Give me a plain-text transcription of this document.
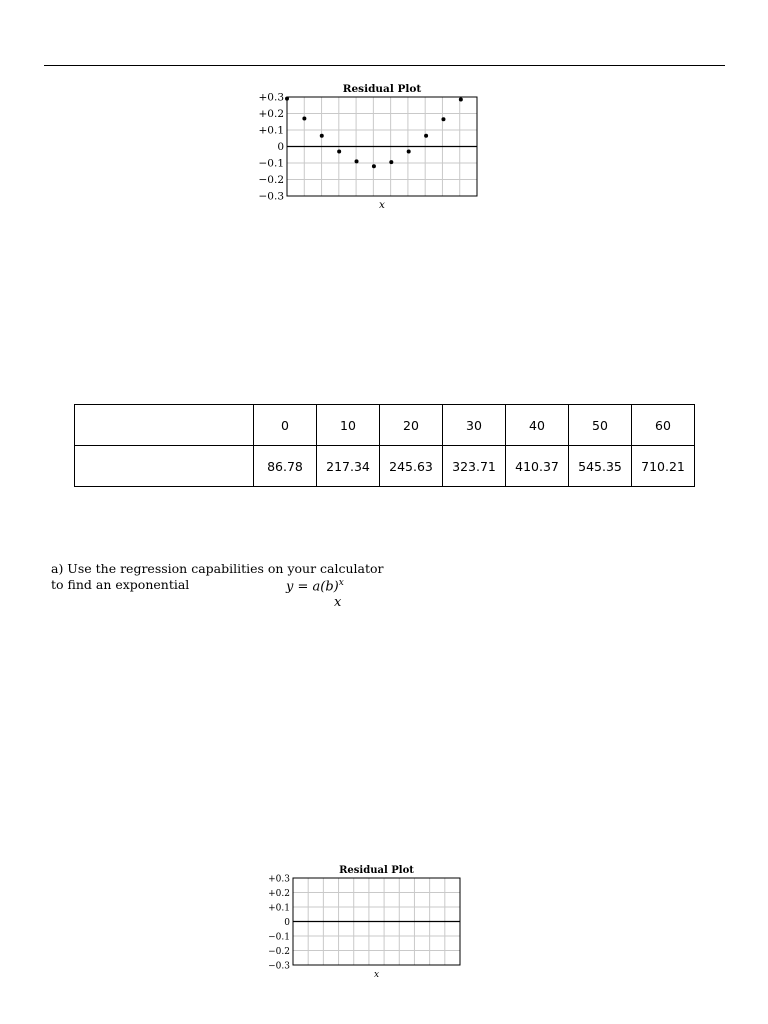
Residual Plot
+0.3
+0.2
+0.1
0
−0.1
−0.2
−0.3
x
	0	10	20	30	40	50	60
	86.78	217.34	245.63	323.71	410.37	545.35	710.21
a) Use the regression capabilities on your calculator
to find an exponential	$y = a(b)^x$
x
Residual Plot
+0.3
+0.2
+0.1
0
−0.1
−0.2
−0.3
x
